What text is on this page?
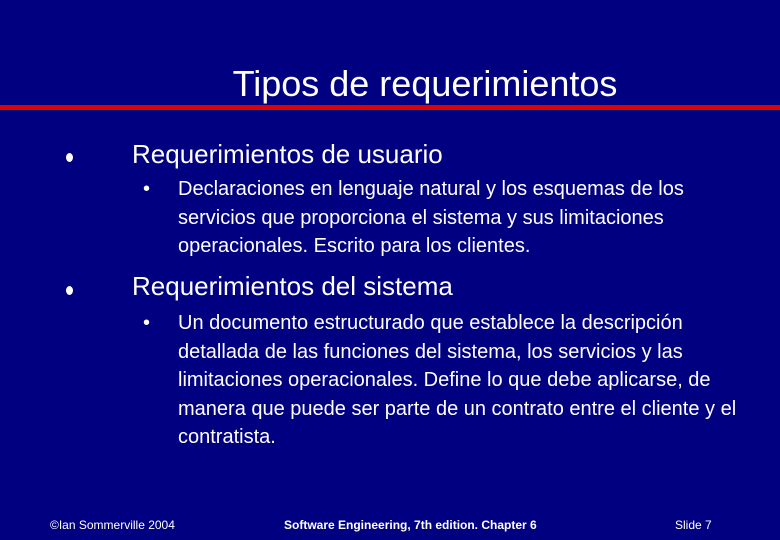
Tipos de requerimientos
Requerimientos de usuario
• Declaraciones en lenguaje natural y los esquemas de los servicios que proporciona el sistema y sus limitaciones operacionales. Escrito para los clientes.
Requerimientos del sistema
• Un documento estructurado que establece la descripción detallada de las funciones del sistema, los servicios y las limitaciones operacionales. Define lo que debe aplicarse, de manera que puede ser parte de un contrato entre el cliente y el contratista.
©Ian Sommerville 2004	Software Engineering, 7th edition. Chapter 6	Slide 7
